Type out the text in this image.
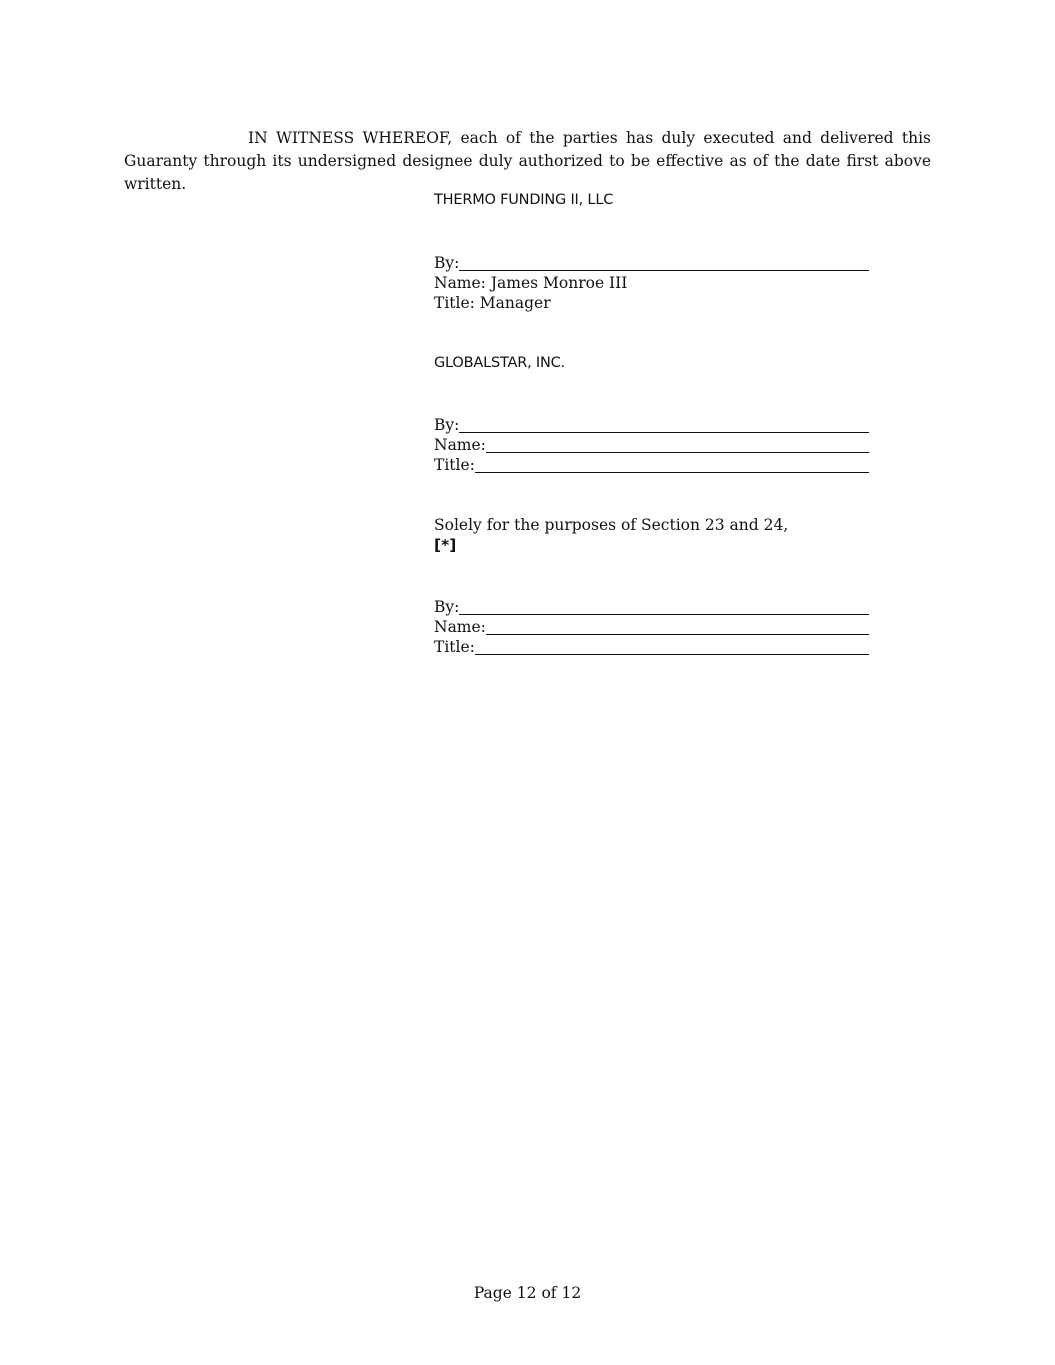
IN WITNESS WHEREOF, each of the parties has duly executed and delivered this Guaranty through its undersigned designee duly authorized to be effective as of the date first above written.

THERMO FUNDING II, LLC
By:
Name: James Monroe III
Title: Manager
GLOBALSTAR, INC.
By:
Name:
Title:
Solely for the purposes of Section 23 and 24,
[*]
By:
Name:
Title:
Page 12 of 12
